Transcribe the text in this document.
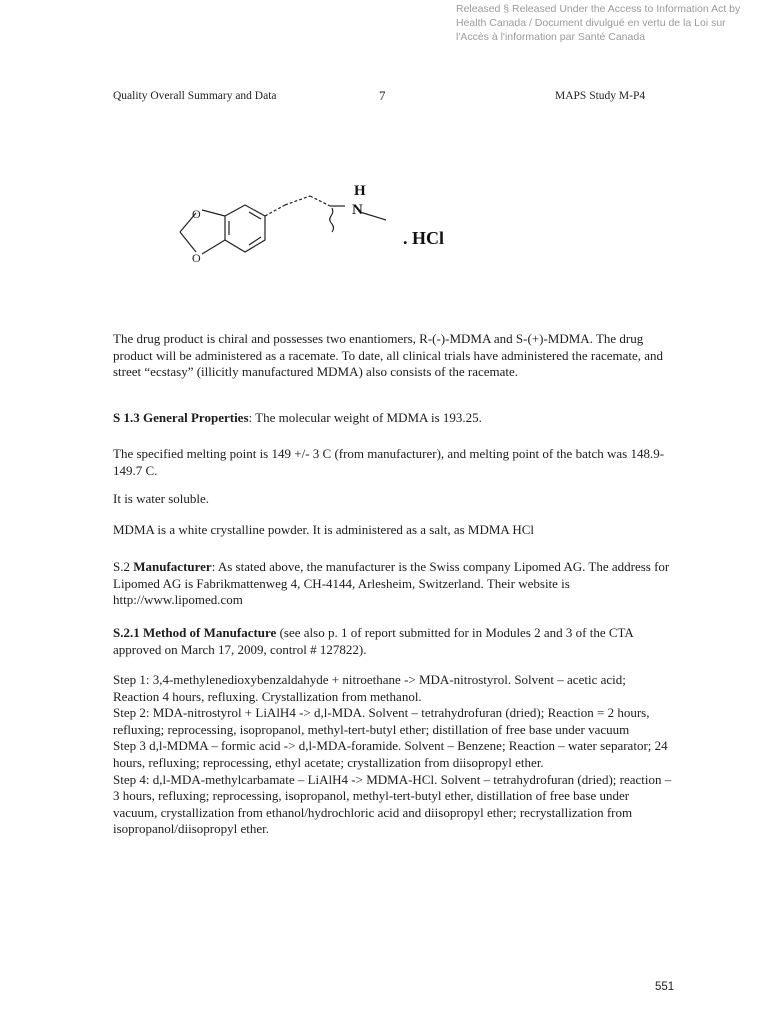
Released § Released Under the Access to Information Act by
Health Canada / Document divulgué en vertu de la Loi sur
l'Accès à l'information par Santé Canada
Quality Overall Summary and Data	7	MAPS Study M-P4
O
O
H
N
. HCl

The drug product is chiral and possesses two enantiomers, R-(-)-MDMA and S-(+)-MDMA. The drug product will be administered as a racemate. To date, all clinical trials have administered the racemate, and street “ecstasy” (illicitly manufactured MDMA) also consists of the racemate.

S 1.3 General Properties: The molecular weight of MDMA is 193.25.

The specified melting point is 149 +/- 3 C (from manufacturer), and melting point of the batch was 148.9-149.7 C.

It is water soluble.

MDMA is a white crystalline powder. It is administered as a salt, as MDMA HCl

S.2 Manufacturer: As stated above, the manufacturer is the Swiss company Lipomed AG. The address for Lipomed AG is Fabrikmattenweg 4, CH-4144, Arlesheim, Switzerland. Their website is http://www.lipomed.com

S.2.1 Method of Manufacture (see also p. 1 of report submitted for in Modules 2 and 3 of the CTA approved on March 17, 2009, control # 127822).

Step 1: 3,4-methylenedioxybenzaldahyde + nitroethane -> MDA-nitrostyrol. Solvent – acetic acid; Reaction 4 hours, refluxing. Crystallization from methanol.

Step 2: MDA-nitrostyrol + LiAlH4 -> d,l-MDA. Solvent – tetrahydrofuran (dried); Reaction = 2 hours, refluxing; reprocessing, isopropanol, methyl-tert-butyl ether; distillation of free base under vacuum

Step 3 d,l-MDMA – formic acid -> d,l-MDA-foramide. Solvent – Benzene; Reaction – water separator; 24 hours, refluxing; reprocessing, ethyl acetate; crystallization from diisopropyl ether.

Step 4: d,l-MDA-methylcarbamate – LiAlH4 -> MDMA-HCl. Solvent – tetrahydrofuran (dried); reaction – 3 hours, refluxing; reprocessing, isopropanol, methyl-tert-butyl ether, distillation of free base under vacuum, crystallization from ethanol/hydrochloric acid and diisopropyl ether; recrystallization from isopropanol/diisopropyl ether.

551
